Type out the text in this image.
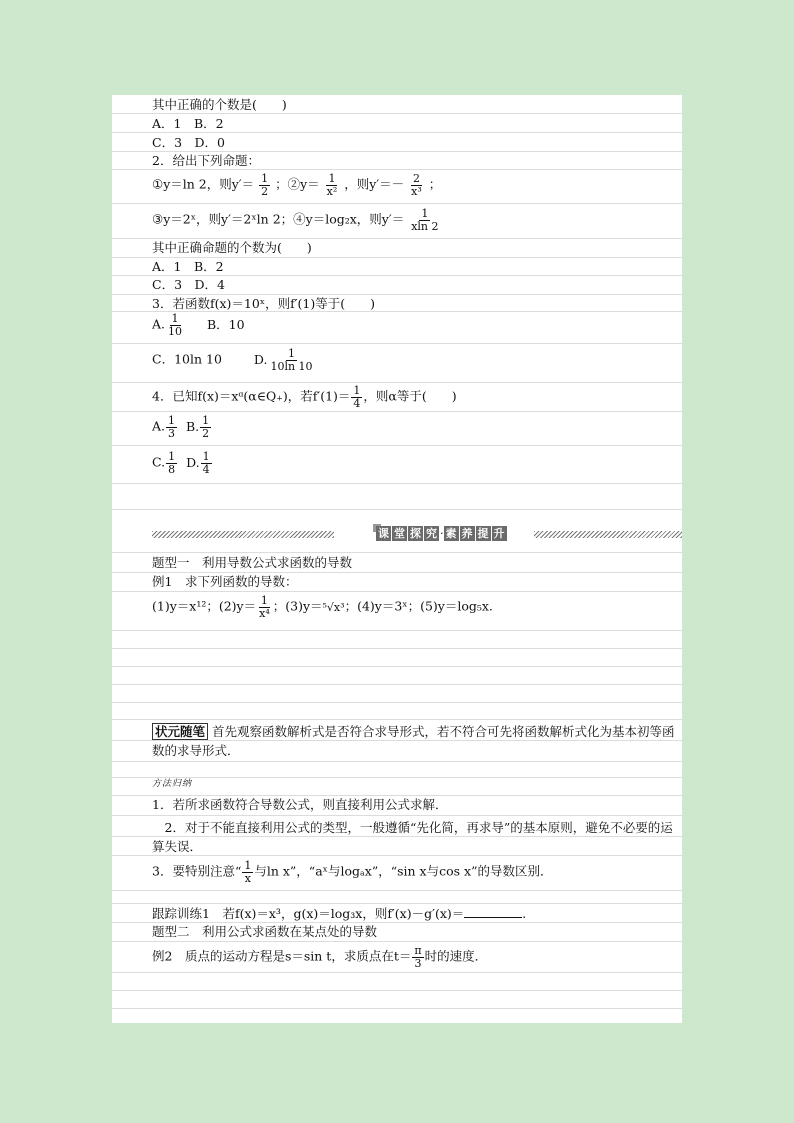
其中正确的个数是(　　)
A．1　B．2
C．3　D．0
2．给出下列命题：
①y＝ln 2，则$y'= \frac{1}{2}$ ；②y＝ $\frac{1}{\text{x²}}$ ，则$y'=- \frac{2}{\text{x³}}$ ；
③y＝2ˣ，则y′＝2ˣln 2；④y＝log₂x，则$y'= \frac{1}{xln 2}$
其中正确命题的个数为(　　)
A．1　B．2
C．3　D．4
3．若函数f(x)＝10ˣ，则f′(1)等于(　　)
A. $\frac{1}{10}$ B．10
C．10ln 10	D. $\frac{1}{10\ln 10}$
4．已知f(x)＝xᵅ(α∈Q₊)，若$f'(1)= \frac{1}{4}$ ，则α等于(　　)
A. $\frac{1}{3} B$. $\frac{1}{2}$
C. $\frac{1}{8} D$. $\frac{1}{4}$
课 堂 探 究 · 素 养 提 升
题型一　利用导数公式求函数的导数
例1　求下列函数的导数：
(1)y＝x¹²；$(2)y= \frac{1}{\text{x⁴}}$ ；(3)y＝⁵√x³；(4)y＝3ˣ；(5)y＝log₅x.
状元随笔 首先观察函数解析式是否符合求导形式，若不符合可先将函数解析式化为基本初等函数的求导形式．
方法归纳
1．若所求函数符合导数公式，则直接利用公式求解．
　2．对于不能直接利用公式的类型，一般遵循“先化简，再求导”的基本原则，避免不必要的运算失误．
3．要特别注意“ $\frac{1}{x}$ 与ln x”，“aˣ与logₐx”，“sin x与cos x”的导数区别．
跟踪训练1　若f(x)＝x³，g(x)＝log₃x，则f′(x)－g′(x)＝	.
题型二　利用公式求函数在某点处的导数
例2　质点的运动方程是s＝sin t，求质点在$t= \frac{\pi}{3}$ 时的速度．
